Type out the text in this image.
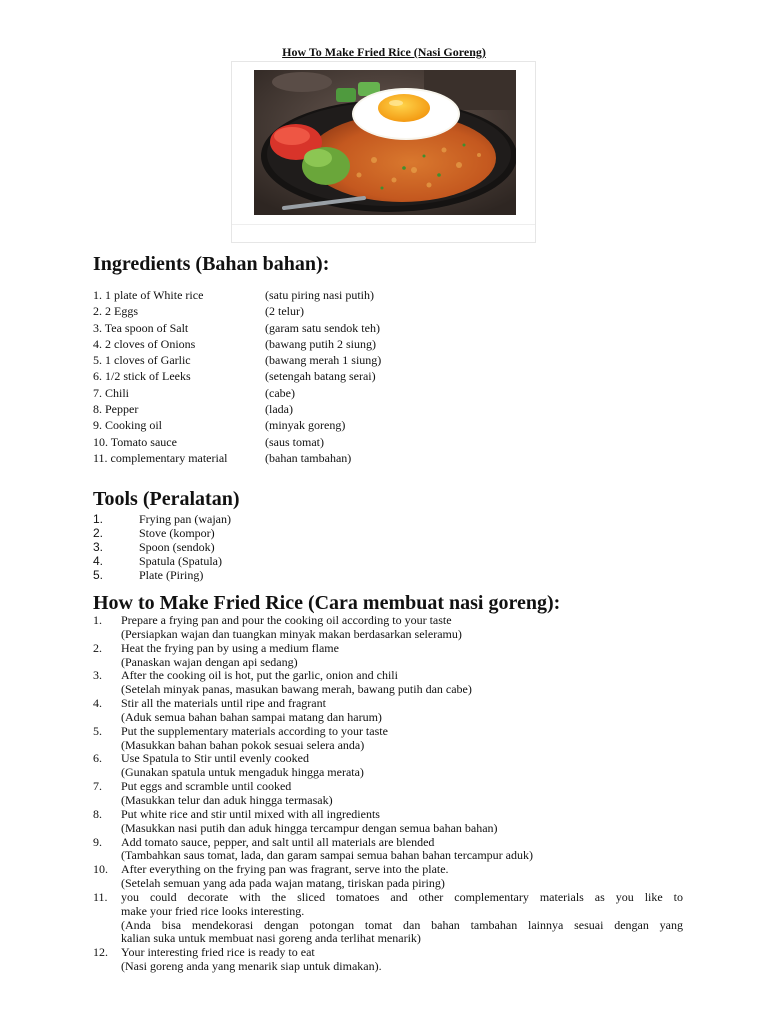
How To Make Fried Rice (Nasi Goreng)
Ingredients (Bahan bahan):
1. 1 plate of White rice	(satu piring nasi putih)
2. 2 Eggs	(2 telur)
3. Tea spoon of Salt	(garam satu sendok teh)
4. 2 cloves of Onions	(bawang putih 2 siung)
5. 1 cloves of Garlic	(bawang merah 1 siung)
6. 1/2 stick of Leeks	(setengah batang serai)
7. Chili	(cabe)
8. Pepper	(lada)
9. Cooking oil	(minyak goreng)
10. Tomato sauce	(saus tomat)
11. complementary material	(bahan tambahan)
Tools (Peralatan)
1.	Frying pan (wajan)
2.	Stove (kompor)
3.	Spoon (sendok)
4.	Spatula (Spatula)
5.	Plate (Piring)
How to Make Fried Rice (Cara membuat nasi goreng):
1. Prepare a frying pan and pour the cooking oil according to your taste
(Persiapkan wajan dan tuangkan minyak makan berdasarkan seleramu)
2. Heat the frying pan by using a medium flame
(Panaskan wajan dengan api sedang)
3. After the cooking oil is hot, put the garlic, onion and chili
(Setelah minyak panas, masukan bawang merah, bawang putih dan cabe)
4. Stir all the materials until ripe and fragrant
(Aduk semua bahan bahan sampai matang dan harum)
5. Put the supplementary materials according to your taste
(Masukkan bahan bahan pokok sesuai selera anda)
6. Use Spatula to Stir until evenly cooked
(Gunakan spatula untuk mengaduk hingga merata)
7. Put eggs and scramble until cooked
(Masukkan telur dan aduk hingga termasak)
8. Put white rice and stir until mixed with all ingredients
(Masukkan nasi putih dan aduk hingga tercampur dengan semua bahan bahan)
9. Add tomato sauce, pepper, and salt until all materials are blended
(Tambahkan saus tomat, lada, dan garam sampai semua bahan bahan tercampur aduk)
10. After everything on the frying pan was fragrant, serve into the plate.
(Setelah semuan yang ada pada wajan matang, tiriskan pada piring)
11. you could decorate with the sliced tomatoes and other complementary materials as you like to
make your fried rice looks interesting.
(Anda bisa mendekorasi dengan potongan tomat dan bahan tambahan lainnya sesuai dengan yang
kalian suka untuk membuat nasi goreng anda terlihat menarik)
12. Your interesting fried rice is ready to eat
(Nasi goreng anda yang menarik siap untuk dimakan).
